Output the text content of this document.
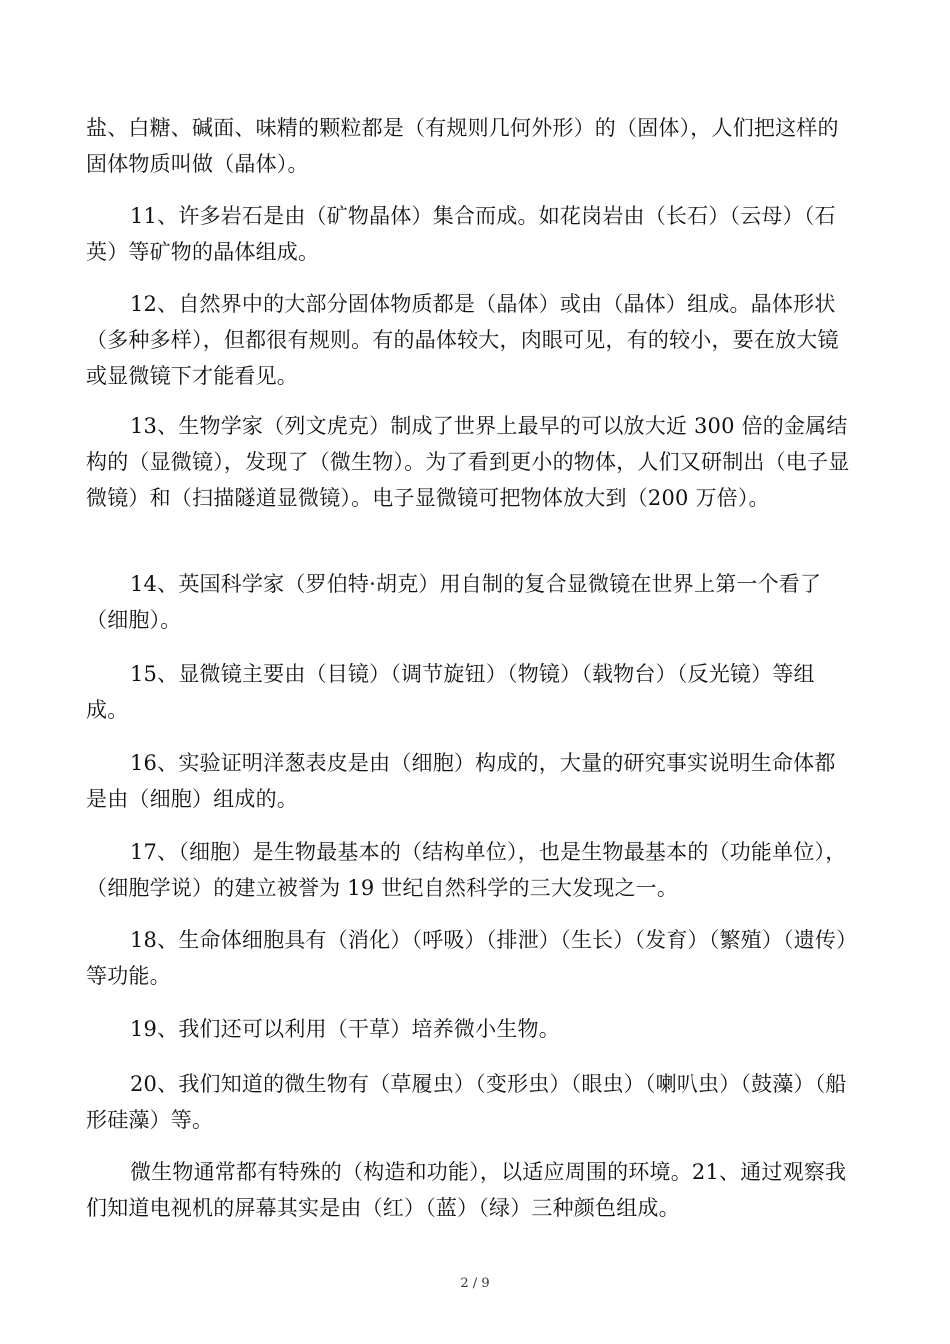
盐、白糖、碱面、味精的颗粒都是（有规则几何外形）的（固体），人们把这样的固体物质叫做（晶体）。

11、许多岩石是由（矿物晶体）集合而成。如花岗岩由（长石）（云母）（石英）等矿物的晶体组成。

12、自然界中的大部分固体物质都是（晶体）或由（晶体）组成。晶体形状（多种多样），但都很有规则。有的晶体较大，肉眼可见，有的较小，要在放大镜或显微镜下才能看见。

13、生物学家（列文虎克）制成了世界上最早的可以放大近 300 倍的金属结构的（显微镜），发现了（微生物）。为了看到更小的物体，人们又研制出（电子显微镜）和（扫描隧道显微镜）。电子显微镜可把物体放大到（200 万倍）。

14、英国科学家（罗伯特·胡克）用自制的复合显微镜在世界上第一个看了（细胞）。

15、显微镜主要由（目镜）（调节旋钮）（物镜）（载物台）（反光镜）等组成。

16、实验证明洋葱表皮是由（细胞）构成的，大量的研究事实说明生命体都是由（细胞）组成的。

17、（细胞）是生物最基本的（结构单位），也是生物最基本的（功能单位），（细胞学说）的建立被誉为 19 世纪自然科学的三大发现之一。

18、生命体细胞具有（消化）（呼吸）（排泄）（生长）（发育）（繁殖）（遗传）等功能。

19、我们还可以利用（干草）培养微小生物。

20、我们知道的微生物有（草履虫）（变形虫）（眼虫）（喇叭虫）（鼓藻）（船形硅藻）等。

微生物通常都有特殊的（构造和功能），以适应周围的环境。21、通过观察我们知道电视机的屏幕其实是由（红）（蓝）（绿）三种颜色组成。

2 / 9
